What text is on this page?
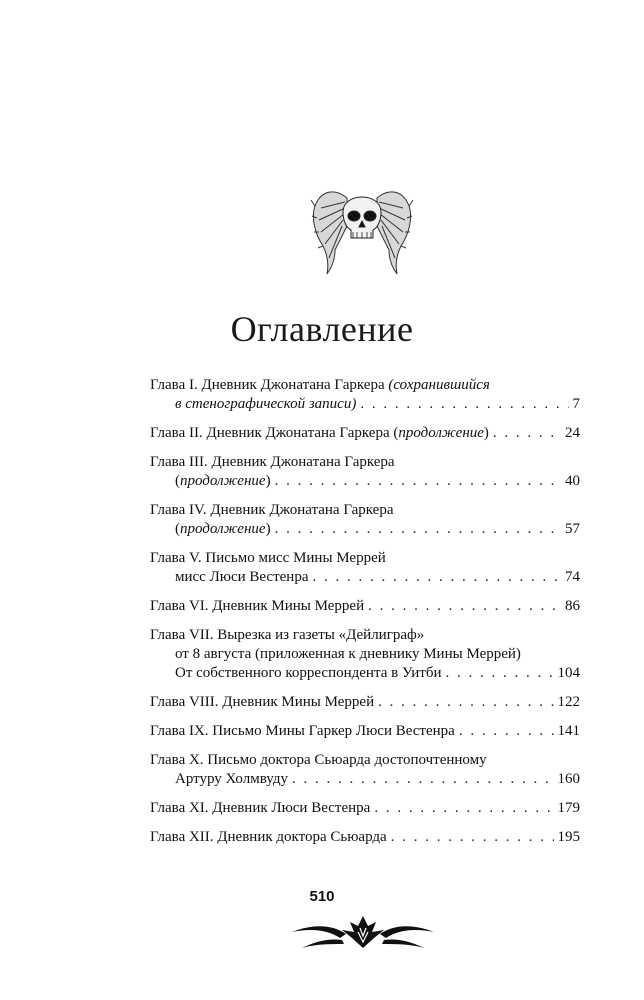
Оглавление
Глава I. Дневник Джонатана Гаркера (сохранившийся
в стенографической записи) . . .	7
Глава II. Дневник Джонатана Гаркера (продолжение) . . .	24
Глава III. Дневник Джонатана Гаркера
(продолжение) . . .	40
Глава IV. Дневник Джонатана Гаркера
(продолжение) . . .	57
Глава V. Письмо мисс Мины Меррей
мисс Люси Вестенра . . .	74
Глава VI. Дневник Мины Меррей . . .	86
Глава VII. Вырезка из газеты «Дейлиграф»
от 8 августа (приложенная к дневнику Мины Меррей)
От собственного корреспондента в Уитби . . .	104
Глава VIII. Дневник Мины Меррей . . .	122
Глава IX. Письмо Мины Гаркер Люси Вестенра . . .	141
Глава X. Письмо доктора Сьюарда достопочтенному
Артуру Холмвуду . . .	160
Глава XI. Дневник Люси Вестенра . . .	179
Глава XII. Дневник доктора Сьюарда . . .	195
510
